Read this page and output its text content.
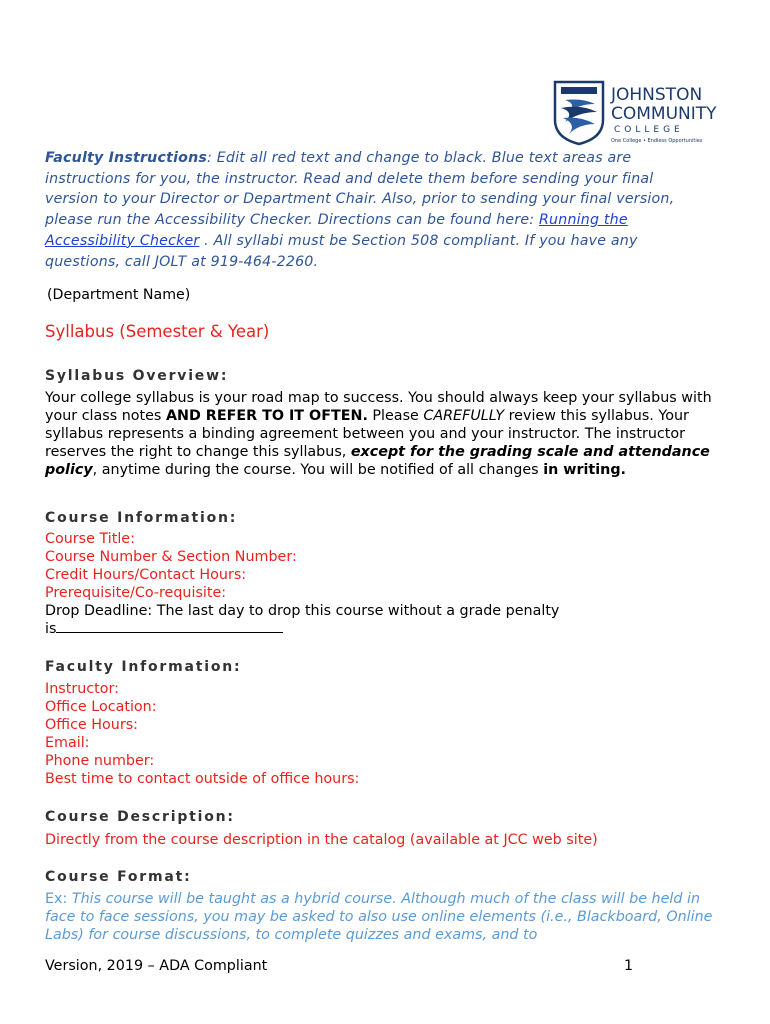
JOHNSTON
COMMUNITY
COLLEGE
One College • Endless Opportunities
Faculty Instructions: Edit all red text and change to black. Blue text areas are instructions for you, the instructor. Read and delete them before sending your final version to your Director or Department Chair. Also, prior to sending your final version, please run the Accessibility Checker. Directions can be found here: Running the Accessibility Checker . All syllabi must be Section 508 compliant. If you have any questions, call JOLT at 919-464-2260.
(Department Name)
Syllabus (Semester & Year)
Syllabus Overview:
Your college syllabus is your road map to success. You should always keep your syllabus with your class notes AND REFER TO IT OFTEN. Please CAREFULLY review this syllabus. Your syllabus represents a binding agreement between you and your instructor. The instructor reserves the right to change this syllabus, except for the grading scale and attendance policy, anytime during the course. You will be notified of all changes in writing.
Course Information:
Course Title:
Course Number & Section Number:
Credit Hours/Contact Hours:
Prerequisite/Co-requisite:
Drop Deadline: The last day to drop this course without a grade penalty
is
Faculty Information:
Instructor:
Office Location:
Office Hours:
Email:
Phone number:
Best time to contact outside of office hours:
Course Description:
Directly from the course description in the catalog (available at JCC web site)
Course Format:
Ex: This course will be taught as a hybrid course. Although much of the class will be held in face to face sessions, you may be asked to also use online elements (i.e., Blackboard, Online Labs) for course discussions, to complete quizzes and exams, and to
Version, 2019 – ADA Compliant	1
